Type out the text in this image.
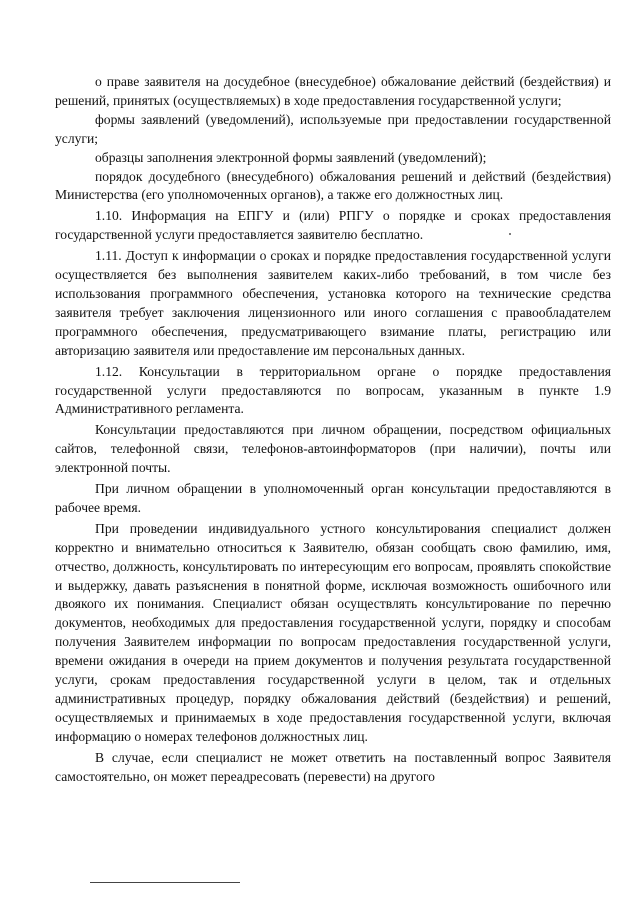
о праве заявителя на досудебное (внесудебное) обжалование действий (бездействия) и решений, принятых (осуществляемых) в ходе предоставления государственной услуги;

формы заявлений (уведомлений), используемые при предоставлении государственной услуги;

образцы заполнения электронной формы заявлений (уведомлений);

порядок досудебного (внесудебного) обжалования решений и действий (бездействия) Министерства (его уполномоченных органов), а также его должностных лиц.

1.10. Информация на ЕПГУ и (или) РПГУ о порядке и сроках предоставления государственной услуги предоставляется заявителю бесплатно.

1.11. Доступ к информации о сроках и порядке предоставления государственной услуги осуществляется без выполнения заявителем каких-либо требований, в том числе без использования программного обеспечения, установка которого на технические средства заявителя требует заключения лицензионного или иного соглашения с правообладателем программного обеспечения, предусматривающего взимание платы, регистрацию или авторизацию заявителя или предоставление им персональных данных.

1.12. Консультации в территориальном органе о порядке предоставления государственной услуги предоставляются по вопросам, указанным в пункте 1.9 Административного регламента.

Консультации предоставляются при личном обращении, посредством официальных сайтов, телефонной связи, телефонов-автоинформаторов (при наличии), почты или электронной почты.

При личном обращении в уполномоченный орган консультации предоставляются в рабочее время.

При проведении индивидуального устного консультирования специалист должен корректно и внимательно относиться к Заявителю, обязан сообщать свою фамилию, имя, отчество, должность, консультировать по интересующим его вопросам, проявлять спокойствие и выдержку, давать разъяснения в понятной форме, исключая возможность ошибочного или двоякого их понимания. Специалист обязан осуществлять консультирование по перечню документов, необходимых для предоставления государственной услуги, порядку и способам получения Заявителем информации по вопросам предоставления государственной услуги, времени ожидания в очереди на прием документов и получения результата государственной услуги, срокам предоставления государственной услуги в целом, так и отдельных административных процедур, порядку обжалования действий (бездействия) и решений, осуществляемых и принимаемых в ходе предоставления государственной услуги, включая информацию о номерах телефонов должностных лиц.

В случае, если специалист не может ответить на поставленный вопрос Заявителя самостоятельно, он может переадресовать (перевести) на другого
